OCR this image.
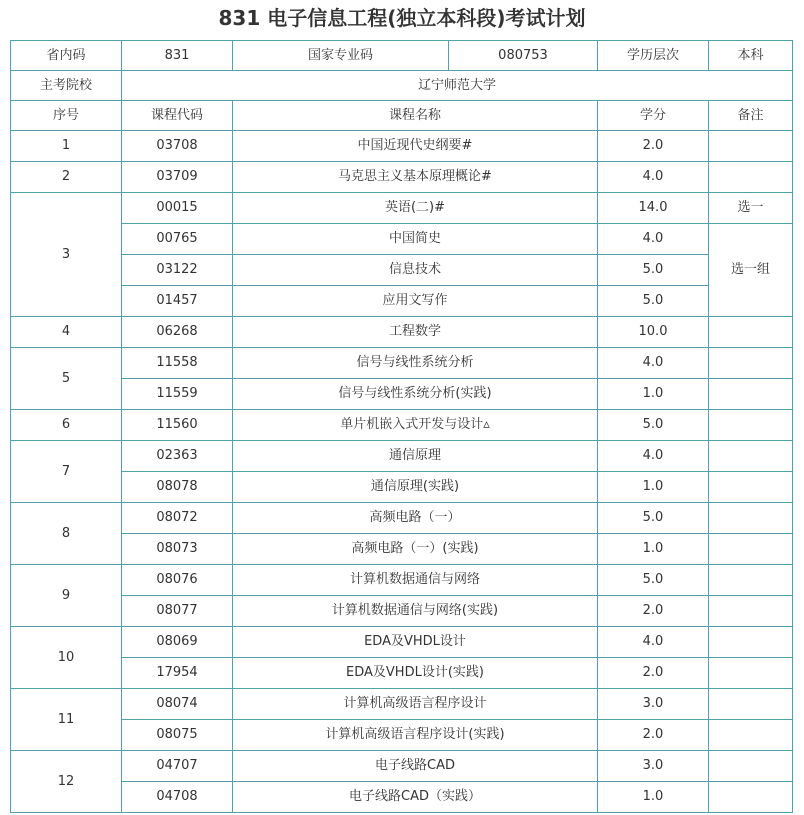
831 电子信息工程(独立本科段)考试计划
省内码	831	国家专业码	080753	学历层次	本科
主考院校	辽宁师范大学				
序号	课程代码	课程名称		学分	备注
1	03708	中国近现代史纲要#		2.0	
2	03709	马克思主义基本原理概论#		4.0	
3	00015	英语(二)#		14.0	选一
	00765	中国简史		4.0	选一组
	03122	信息技术		5.0	
	01457	应用文写作		5.0	
4	06268	工程数学		10.0	
5	11558	信号与线性系统分析		4.0	
	11559	信号与线性系统分析(实践)		1.0	
6	11560	单片机嵌入式开发与设计▵		5.0	
7	02363	通信原理		4.0	
	08078	通信原理(实践)		1.0	
8	08072	高频电路（一）		5.0	
	08073	高频电路（一）(实践)		1.0	
9	08076	计算机数据通信与网络		5.0	
	08077	计算机数据通信与网络(实践)		2.0	
10	08069	EDA及VHDL设计		4.0	
	17954	EDA及VHDL设计(实践)		2.0	
11	08074	计算机高级语言程序设计		3.0	
	08075	计算机高级语言程序设计(实践)		2.0	
12	04707	电子线路CAD		3.0	
	04708	电子线路CAD（实践）		1.0	
